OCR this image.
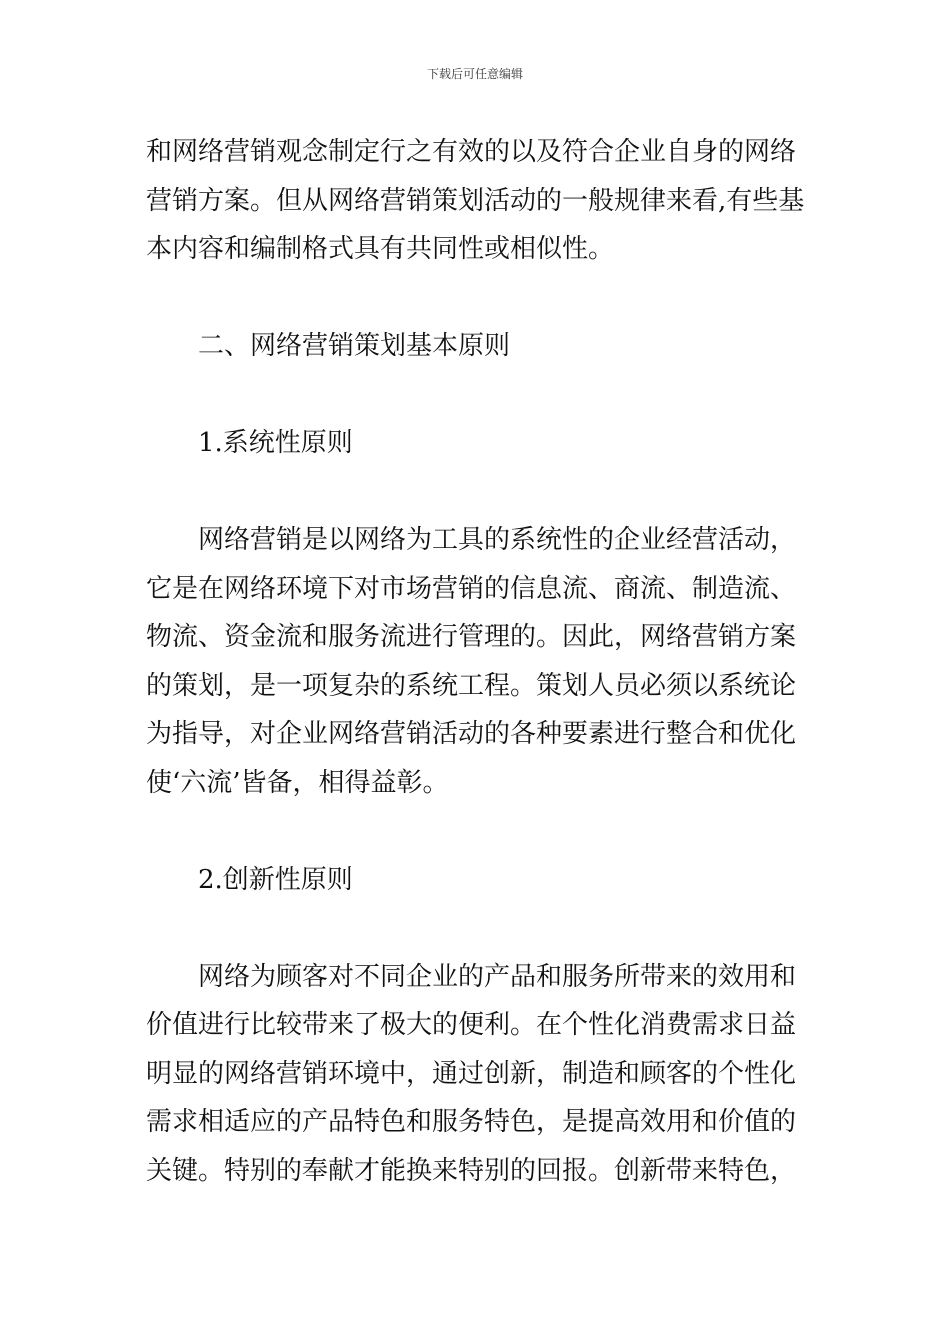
下载后可任意编辑

和网络营销观念制定行之有效的以及符合企业自身的网络

营销方案。但从网络营销策划活动的一般规律来看,有些基

本内容和编制格式具有共同性或相似性。

二、网络营销策划基本原则

1.系统性原则

网络营销是以网络为工具的系统性的企业经营活动，

它是在网络环境下对市场营销的信息流、商流、制造流、

物流、资金流和服务流进行管理的。因此，网络营销方案

的策划，是一项复杂的系统工程。策划人员必须以系统论

为指导，对企业网络营销活动的各种要素进行整合和优化

使‘六流’皆备，相得益彰。

2.创新性原则

网络为顾客对不同企业的产品和服务所带来的效用和

价值进行比较带来了极大的便利。在个性化消费需求日益

明显的网络营销环境中，通过创新，制造和顾客的个性化

需求相适应的产品特色和服务特色，是提高效用和价值的

关键。特别的奉献才能换来特别的回报。创新带来特色，
